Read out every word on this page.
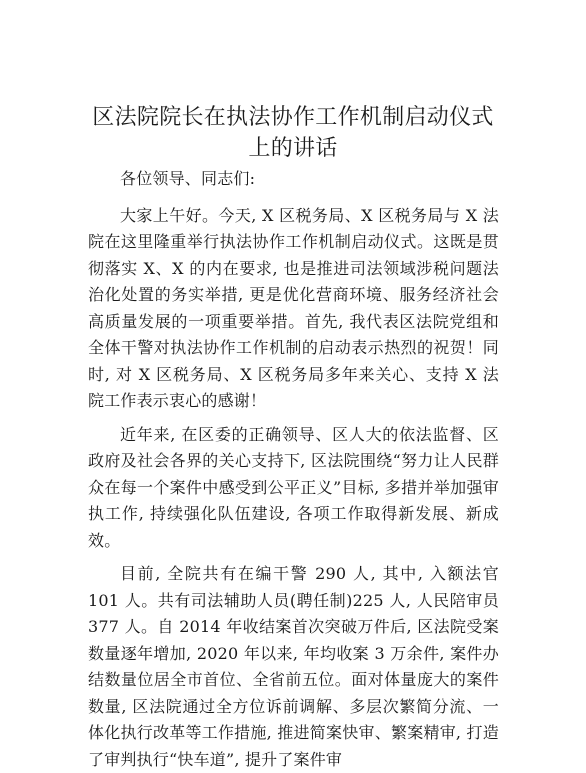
区法院院长在执法协作工作机制启动仪式上的讲话

各位领导、同志们:

大家上午好。今天, X 区税务局、X 区税务局与 X 法院在这里隆重举行执法协作工作机制启动仪式。这既是贯彻落实 X、X 的内在要求, 也是推进司法领域涉税问题法治化处置的务实举措, 更是优化营商环境、服务经济社会高质量发展的一项重要举措。首先, 我代表区法院党组和全体干警对执法协作工作机制的启动表示热烈的祝贺！同时, 对 X 区税务局、X 区税务局多年来关心、支持 X 法院工作表示衷心的感谢！

近年来, 在区委的正确领导、区人大的依法监督、区政府及社会各界的关心支持下, 区法院围绕“努力让人民群众在每一个案件中感受到公平正义”目标, 多措并举加强审执工作, 持续强化队伍建设, 各项工作取得新发展、新成效。

目前, 全院共有在编干警 290 人, 其中, 入额法官 101 人。共有司法辅助人员(聘任制)225 人, 人民陪审员 377 人。自 2014 年收结案首次突破万件后, 区法院受案数量逐年增加, 2020 年以来, 年均收案 3 万余件, 案件办结数量位居全市首位、全省前五位。面对体量庞大的案件数量, 区法院通过全方位诉前调解、多层次繁简分流、一体化执行改革等工作措施, 推进简案快审、繁案精审, 打造了审判执行“快车道”, 提升了案件审
